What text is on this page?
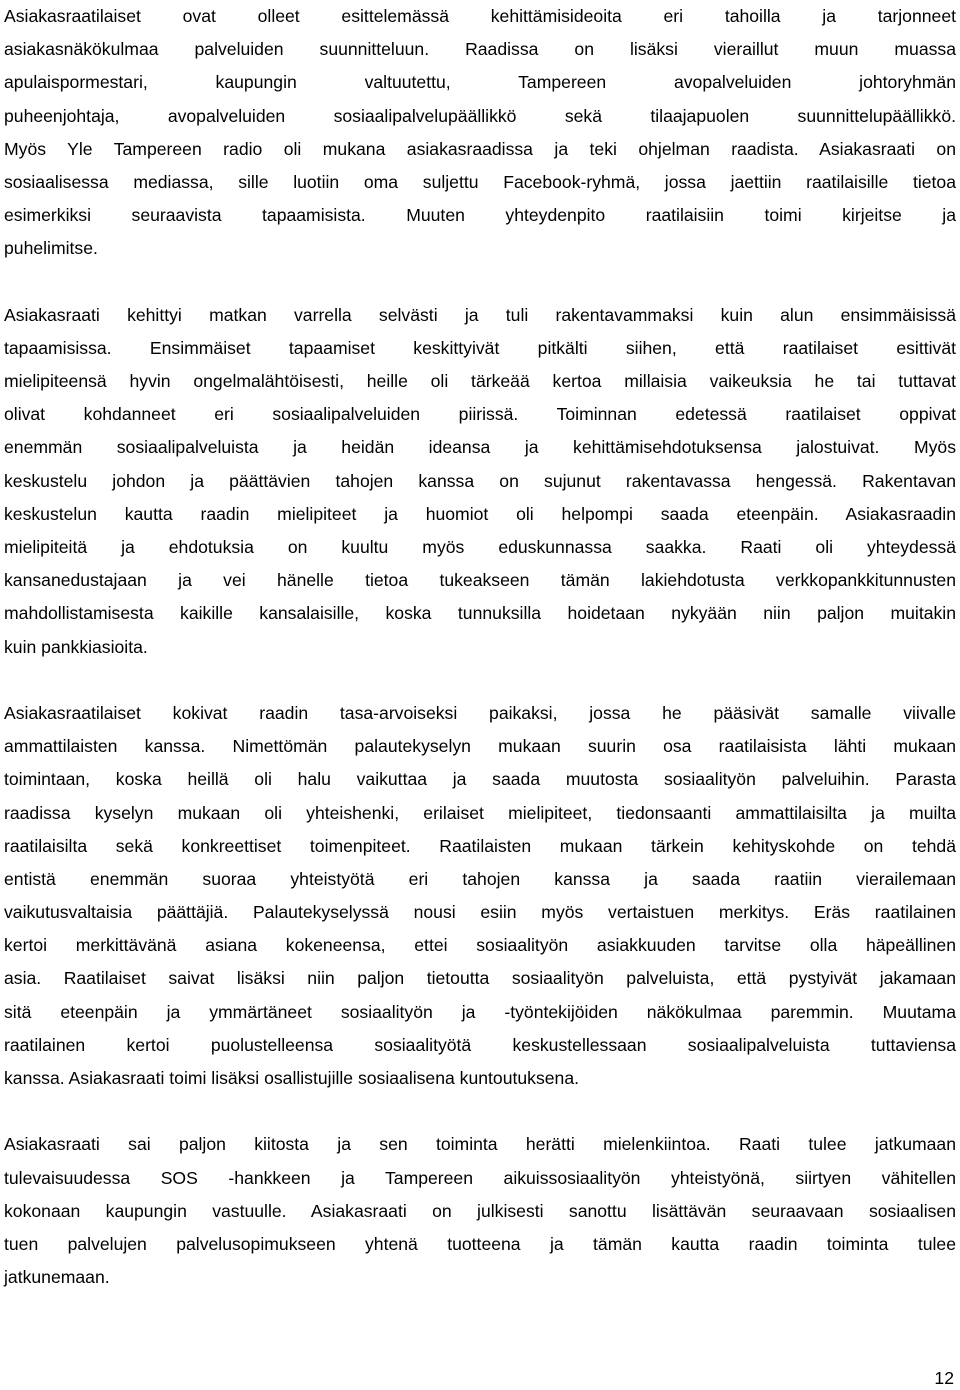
Asiakasraatilaiset ovat olleet esittelemässä kehittämisideoita eri tahoilla ja tarjonneet
asiakasnäkökulmaa palveluiden suunnitteluun. Raadissa on lisäksi vieraillut muun muassa
apulaispormestari, kaupungin valtuutettu, Tampereen avopalveluiden johtoryhmän
puheenjohtaja, avopalveluiden sosiaalipalvelupäällikkö sekä tilaajapuolen suunnittelupäällikkö.
Myös Yle Tampereen radio oli mukana asiakasraadissa ja teki ohjelman raadista. Asiakasraati on
sosiaalisessa mediassa, sille luotiin oma suljettu Facebook-ryhmä, jossa jaettiin raatilaisille tietoa
esimerkiksi seuraavista tapaamisista. Muuten yhteydenpito raatilaisiin toimi kirjeitse ja
puhelimitse.
Asiakasraati kehittyi matkan varrella selvästi ja tuli rakentavammaksi kuin alun ensimmäisissä
tapaamisissa. Ensimmäiset tapaamiset keskittyivät pitkälti siihen, että raatilaiset esittivät
mielipiteensä hyvin ongelmalähtöisesti, heille oli tärkeää kertoa millaisia vaikeuksia he tai tuttavat
olivat kohdanneet eri sosiaalipalveluiden piirissä. Toiminnan edetessä raatilaiset oppivat
enemmän sosiaalipalveluista ja heidän ideansa ja kehittämisehdotuksensa jalostuivat. Myös
keskustelu johdon ja päättävien tahojen kanssa on sujunut rakentavassa hengessä. Rakentavan
keskustelun kautta raadin mielipiteet ja huomiot oli helpompi saada eteenpäin. Asiakasraadin
mielipiteitä ja ehdotuksia on kuultu myös eduskunnassa saakka. Raati oli yhteydessä
kansanedustajaan ja vei hänelle tietoa tukeakseen tämän lakiehdotusta verkkopankkitunnusten
mahdollistamisesta kaikille kansalaisille, koska tunnuksilla hoidetaan nykyään niin paljon muitakin
kuin pankkiasioita.
Asiakasraatilaiset kokivat raadin tasa-arvoiseksi paikaksi, jossa he pääsivät samalle viivalle
ammattilaisten kanssa. Nimettömän palautekyselyn mukaan suurin osa raatilaisista lähti mukaan
toimintaan, koska heillä oli halu vaikuttaa ja saada muutosta sosiaalityön palveluihin. Parasta
raadissa kyselyn mukaan oli yhteishenki, erilaiset mielipiteet, tiedonsaanti ammattilaisilta ja muilta
raatilaisilta sekä konkreettiset toimenpiteet. Raatilaisten mukaan tärkein kehityskohde on tehdä
entistä enemmän suoraa yhteistyötä eri tahojen kanssa ja saada raatiin vierailemaan
vaikutusvaltaisia päättäjiä. Palautekyselyssä nousi esiin myös vertaistuen merkitys. Eräs raatilainen
kertoi merkittävänä asiana kokeneensa, ettei sosiaalityön asiakkuuden tarvitse olla häpeällinen
asia. Raatilaiset saivat lisäksi niin paljon tietoutta sosiaalityön palveluista, että pystyivät jakamaan
sitä eteenpäin ja ymmärtäneet sosiaalityön ja -työntekijöiden näkökulmaa paremmin. Muutama
raatilainen kertoi puolustelleensa sosiaalityötä keskustellessaan sosiaalipalveluista tuttaviensa
kanssa. Asiakasraati toimi lisäksi osallistujille sosiaalisena kuntoutuksena.
Asiakasraati sai paljon kiitosta ja sen toiminta herätti mielenkiintoa. Raati tulee jatkumaan
tulevaisuudessa SOS -hankkeen ja Tampereen aikuissosiaalityön yhteistyönä, siirtyen vähitellen
kokonaan kaupungin vastuulle. Asiakasraati on julkisesti sanottu lisättävän seuraavaan sosiaalisen
tuen palvelujen palvelusopimukseen yhtenä tuotteena ja tämän kautta raadin toiminta tulee
jatkunemaan.
12
